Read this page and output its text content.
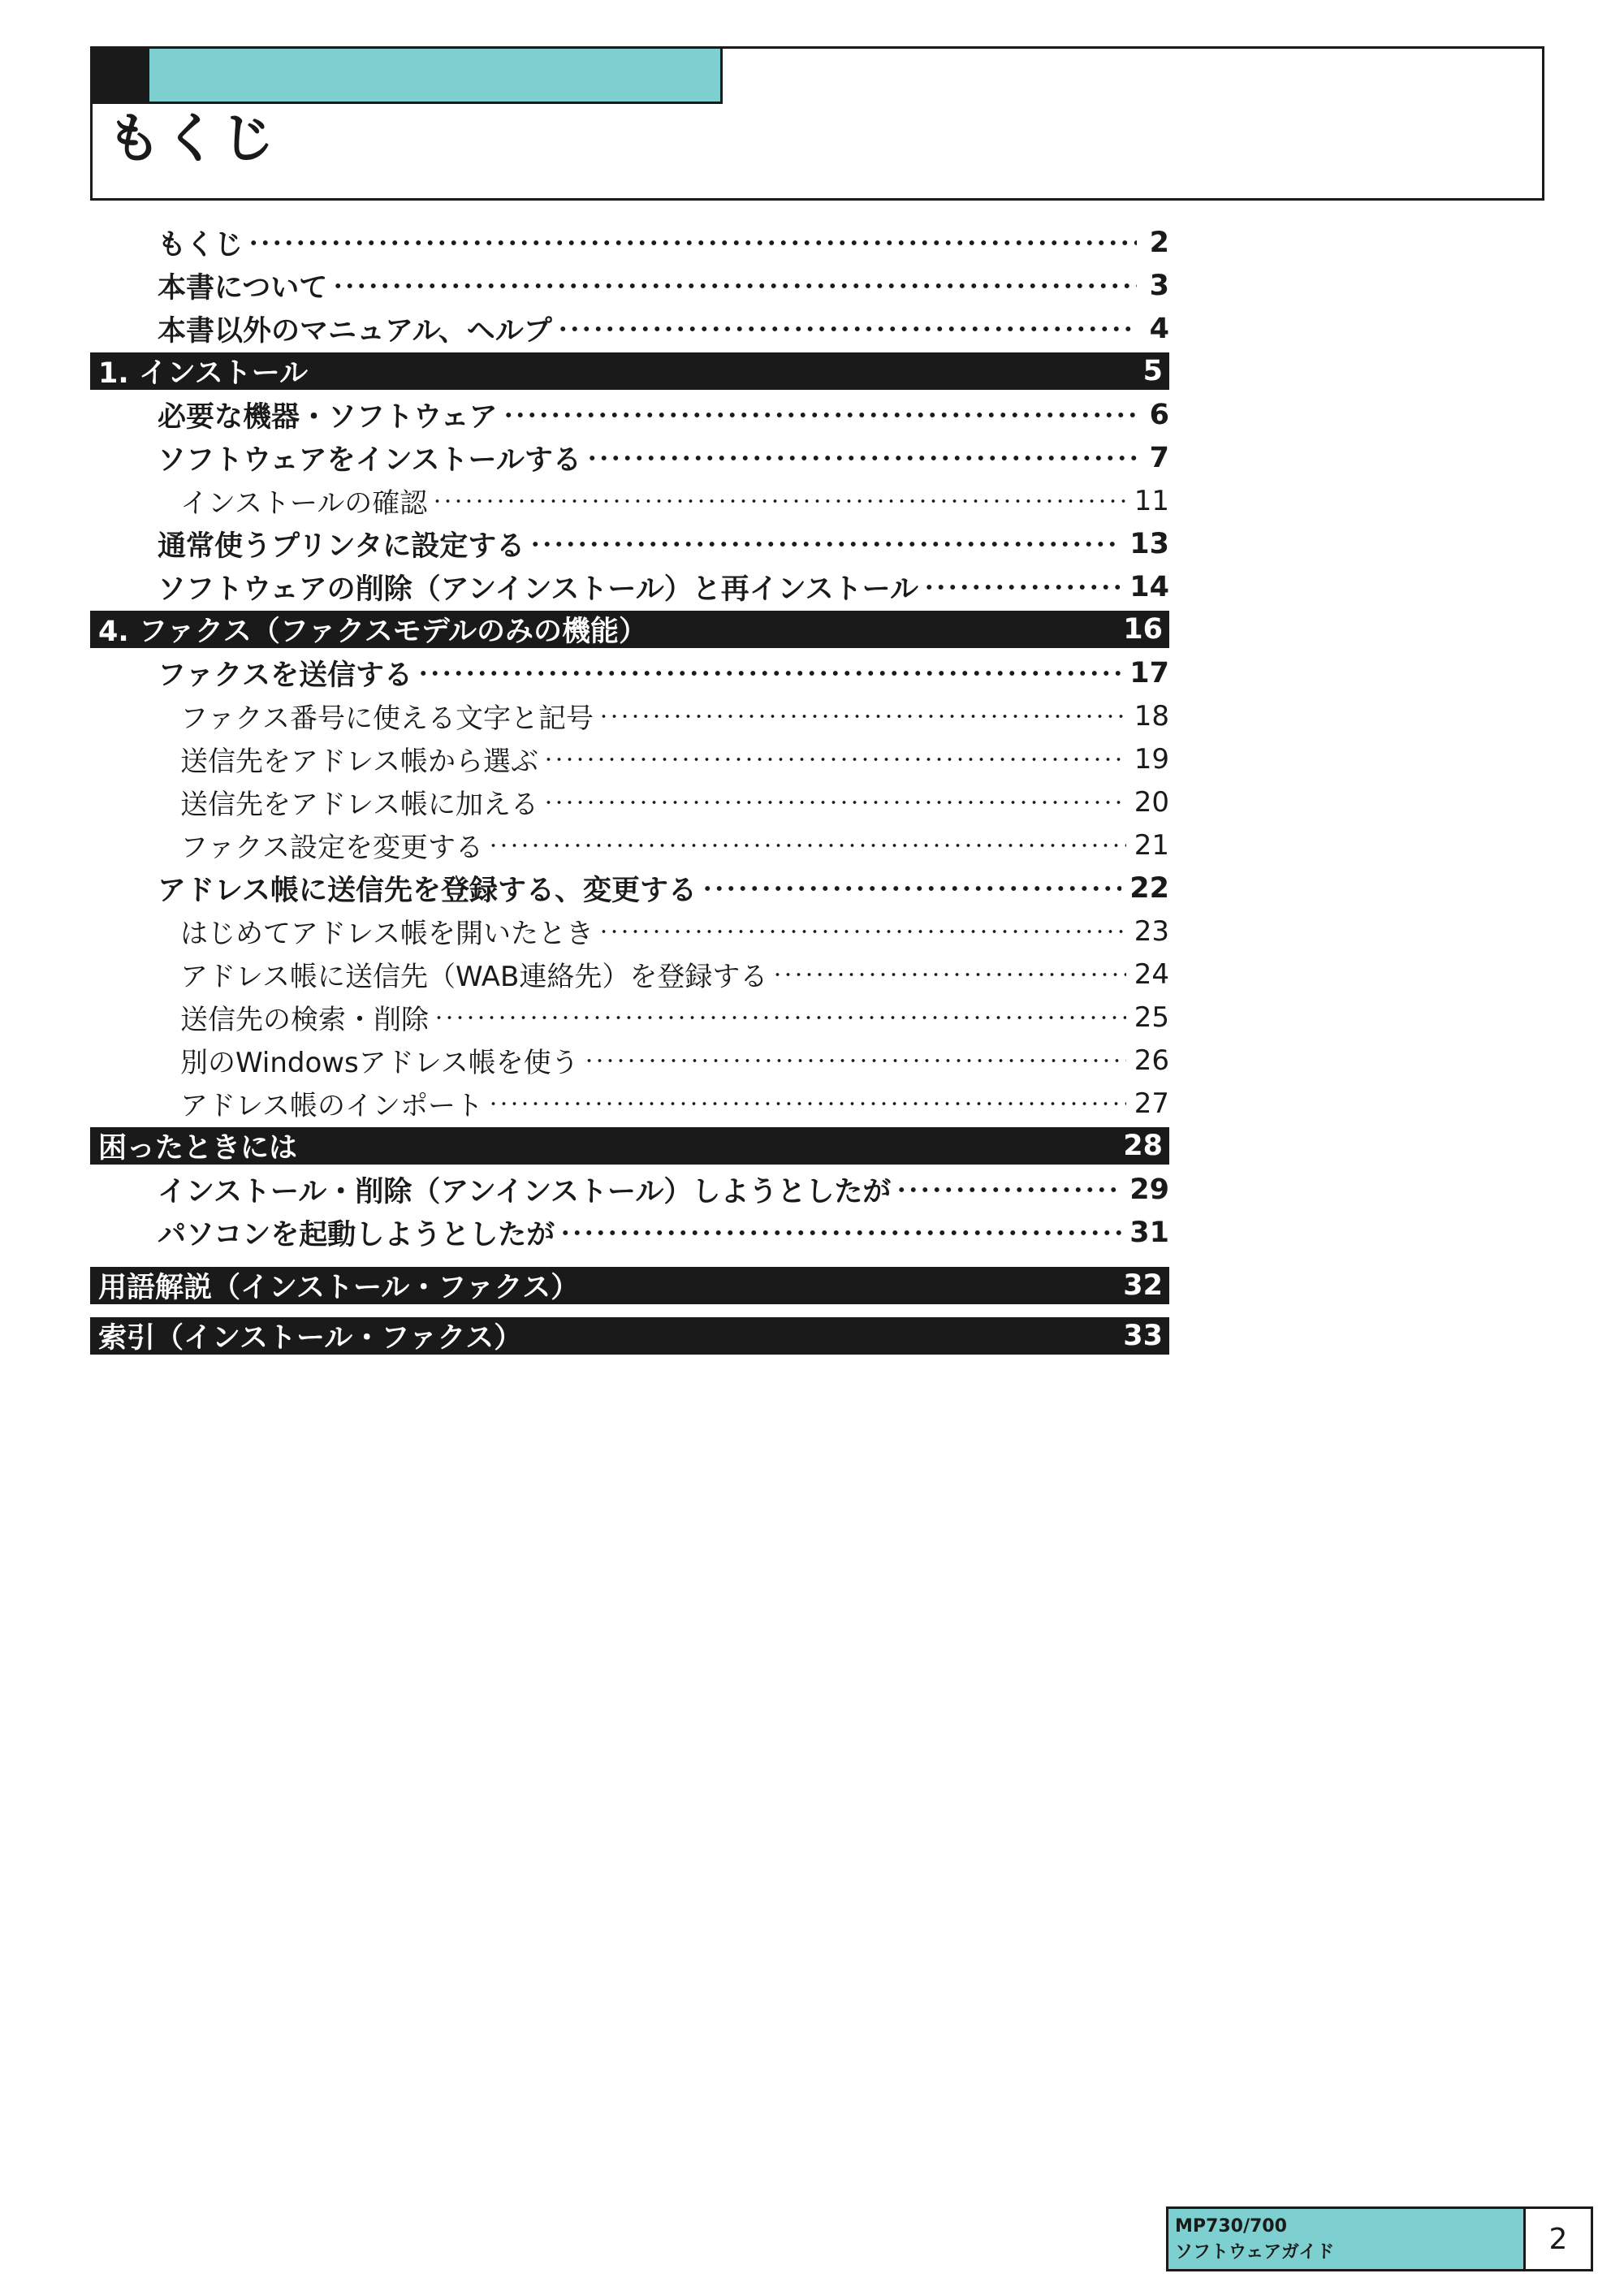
もくじ
もくじ	2
本書について	3
本書以外のマニュアル、ヘルプ	4
1. インストール	5
必要な機器・ソフトウェア	6
ソフトウェアをインストールする	7
インストールの確認	11
通常使うプリンタに設定する	13
ソフトウェアの削除（アンインストール）と再インストール	14
4. ファクス（ファクスモデルのみの機能）	16
ファクスを送信する	17
ファクス番号に使える文字と記号	18
送信先をアドレス帳から選ぶ	19
送信先をアドレス帳に加える	20
ファクス設定を変更する	21
アドレス帳に送信先を登録する、変更する	22
はじめてアドレス帳を開いたとき	23
アドレス帳に送信先（WAB連絡先）を登録する	24
送信先の検索・削除	25
別のWindowsアドレス帳を使う	26
アドレス帳のインポート	27
困ったときには	28
インストール・削除（アンインストール）しようとしたが	29
パソコンを起動しようとしたが	31
用語解説（インストール・ファクス）	32
索引（インストール・ファクス）	33
MP730/700
ソフトウェアガイド	2
